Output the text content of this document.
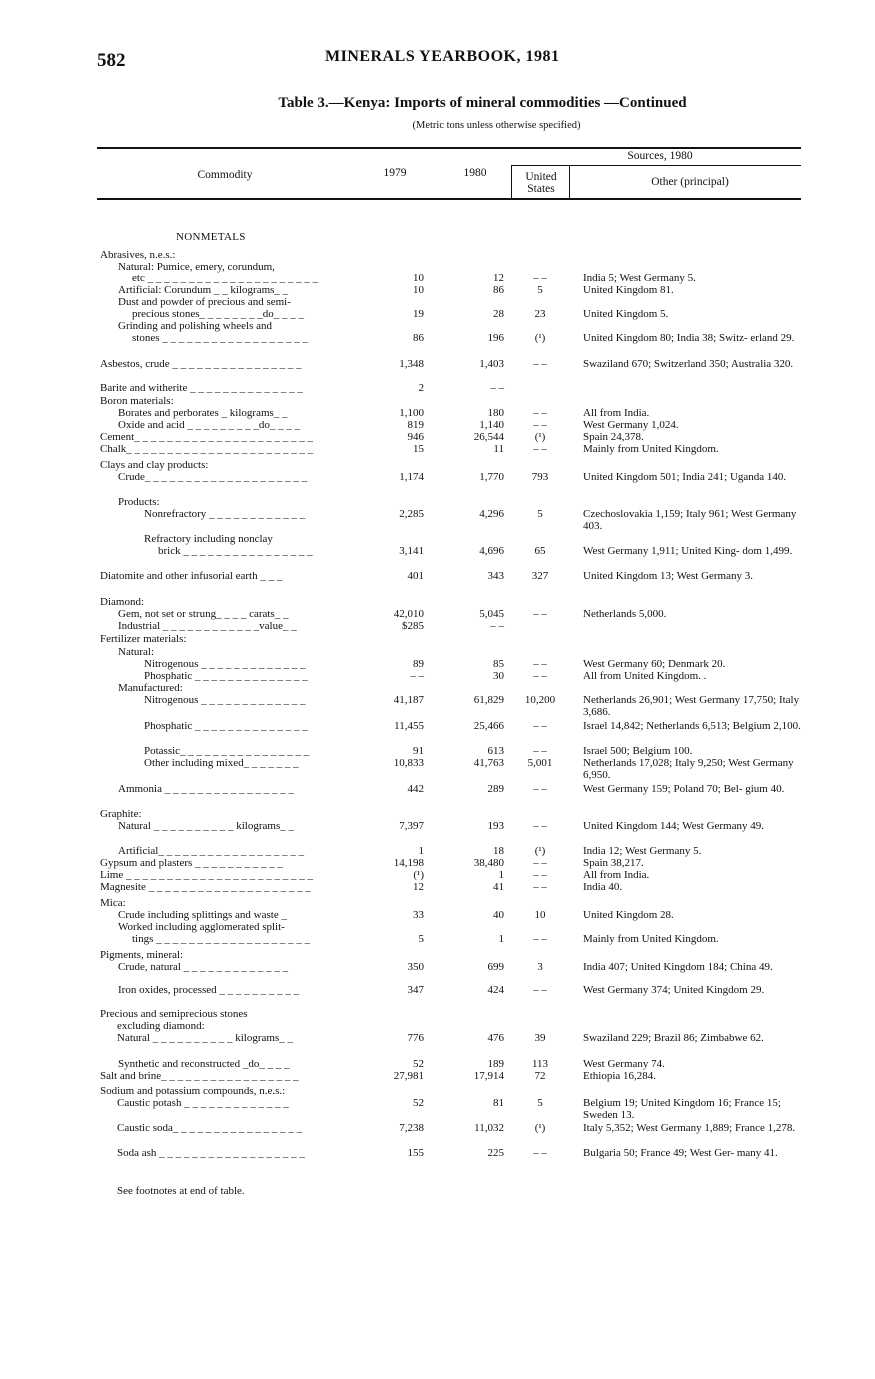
582	MINERALS YEARBOOK, 1981
Table 3.—Kenya: Imports of mineral commodities —Continued
(Metric tons unless otherwise specified)
Commodity	1979	1980
Sources, 1980
United
States
Other (principal)
NONMETALS
Abrasives, n.e.s.:
Natural: Pumice, emery, corundum,
etc _ _ _ _ _ _ _ _ _ _ _ _ _ _ _ _ _ _ _ _ _	10	12	– –	India 5; West Germany 5.
Artificial: Corundum _ _ kilograms_ _	10	86	5	United Kingdom 81.
Dust and powder of precious and semi-
precious stones_ _ _ _ _ _ _ _do_ _ _ _	19	28	23	United Kingdom 5.
Grinding and polishing wheels and
stones _ _ _ _ _ _ _ _ _ _ _ _ _ _ _ _ _ _	86	196	(¹)	United Kingdom 80; India 38; Switz- erland 29.
Asbestos, crude _ _ _ _ _ _ _ _ _ _ _ _ _ _ _ _	1,348	1,403	– –	Swaziland 670; Switzerland 350; Australia 320.
Barite and witherite _ _ _ _ _ _ _ _ _ _ _ _ _ _	2	– –
Boron materials:
Borates and perborates _ kilograms_ _	1,100	180	– –	All from India.
Oxide and acid _ _ _ _ _ _ _ _ _do_ _ _ _	819	1,140	– –	West Germany 1,024.
Cement_ _ _ _ _ _ _ _ _ _ _ _ _ _ _ _ _ _ _ _ _ _	946	26,544	(¹)	Spain 24,378.
Chalk_ _ _ _ _ _ _ _ _ _ _ _ _ _ _ _ _ _ _ _ _ _ _	15	11	– –	Mainly from United Kingdom.
Clays and clay products:
Crude_ _ _ _ _ _ _ _ _ _ _ _ _ _ _ _ _ _ _ _	1,174	1,770	793	United Kingdom 501; India 241; Uganda 140.
Products:
Nonrefractory _ _ _ _ _ _ _ _ _ _ _ _	2,285	4,296	5	Czechoslovakia 1,159; Italy 961; West Germany 403.
Refractory including nonclay
brick _ _ _ _ _ _ _ _ _ _ _ _ _ _ _ _	3,141	4,696	65	West Germany 1,911; United King- dom 1,499.
Diatomite and other infusorial earth _ _ _	401	343	327	United Kingdom 13; West Germany 3.
Diamond:
Gem, not set or strung_ _ _ _ carats_ _	42,010	5,045	– –	Netherlands 5,000.
Industrial _ _ _ _ _ _ _ _ _ _ _ _value_ _	$285	– –
Fertilizer materials:
Natural:
Nitrogenous _ _ _ _ _ _ _ _ _ _ _ _ _	89	85	– –	West Germany 60; Denmark 20.
Phosphatic _ _ _ _ _ _ _ _ _ _ _ _ _ _	– –	30	– –	All from United Kingdom. .
Manufactured:
Nitrogenous _ _ _ _ _ _ _ _ _ _ _ _ _	41,187	61,829	10,200	Netherlands 26,901; West Germany 17,750; Italy 3,686.
Phosphatic _ _ _ _ _ _ _ _ _ _ _ _ _ _	11,455	25,466	– –	Israel 14,842; Netherlands 6,513; Belgium 2,100.
Potassic_ _ _ _ _ _ _ _ _ _ _ _ _ _ _ _	91	613	– –	Israel 500; Belgium 100.
Other including mixed_ _ _ _ _ _ _	10,833	41,763	5,001	Netherlands 17,028; Italy 9,250; West Germany 6,950.
Ammonia _ _ _ _ _ _ _ _ _ _ _ _ _ _ _ _	442	289	– –	West Germany 159; Poland 70; Bel- gium 40.
Graphite:
Natural _ _ _ _ _ _ _ _ _ _ kilograms_ _	7,397	193	– –	United Kingdom 144; West Germany 49.
Artificial_ _ _ _ _ _ _ _ _ _ _ _ _ _ _ _ _ _	1	18	(¹)	India 12; West Germany 5.
Gypsum and plasters _ _ _ _ _ _ _ _ _ _ _	14,198	38,480	– –	Spain 38,217.
Lime _ _ _ _ _ _ _ _ _ _ _ _ _ _ _ _ _ _ _ _ _ _ _	(¹)	1	– –	All from India.
Magnesite _ _ _ _ _ _ _ _ _ _ _ _ _ _ _ _ _ _ _ _	12	41	– –	India 40.
Mica:
Crude including splittings and waste _	33	40	10	United Kingdom 28.
Worked including agglomerated split-
tings _ _ _ _ _ _ _ _ _ _ _ _ _ _ _ _ _ _ _	5	1	– –	Mainly from United Kingdom.
Pigments, mineral:
Crude, natural _ _ _ _ _ _ _ _ _ _ _ _ _	350	699	3	India 407; United Kingdom 184; China 49.
Iron oxides, processed _ _ _ _ _ _ _ _ _ _	347	424	– –	West Germany 374; United Kingdom 29.
Precious and semiprecious stones
excluding diamond:
Natural _ _ _ _ _ _ _ _ _ _ kilograms_ _	776	476	39	Swaziland 229; Brazil 86; Zimbabwe 62.
Synthetic and reconstructed _do_ _ _ _	52	189	113	West Germany 74.
Salt and brine_ _ _ _ _ _ _ _ _ _ _ _ _ _ _ _ _	27,981	17,914	72	Ethiopia 16,284.
Sodium and potassium compounds, n.e.s.:
Caustic potash _ _ _ _ _ _ _ _ _ _ _ _ _	52	81	5	Belgium 19; United Kingdom 16; France 15; Sweden 13.
Caustic soda_ _ _ _ _ _ _ _ _ _ _ _ _ _ _ _	7,238	11,032	(¹)	Italy 5,352; West Germany 1,889; France 1,278.
Soda ash _ _ _ _ _ _ _ _ _ _ _ _ _ _ _ _ _ _	155	225	– –	Bulgaria 50; France 49; West Ger- many 41.
See footnotes at end of table.
